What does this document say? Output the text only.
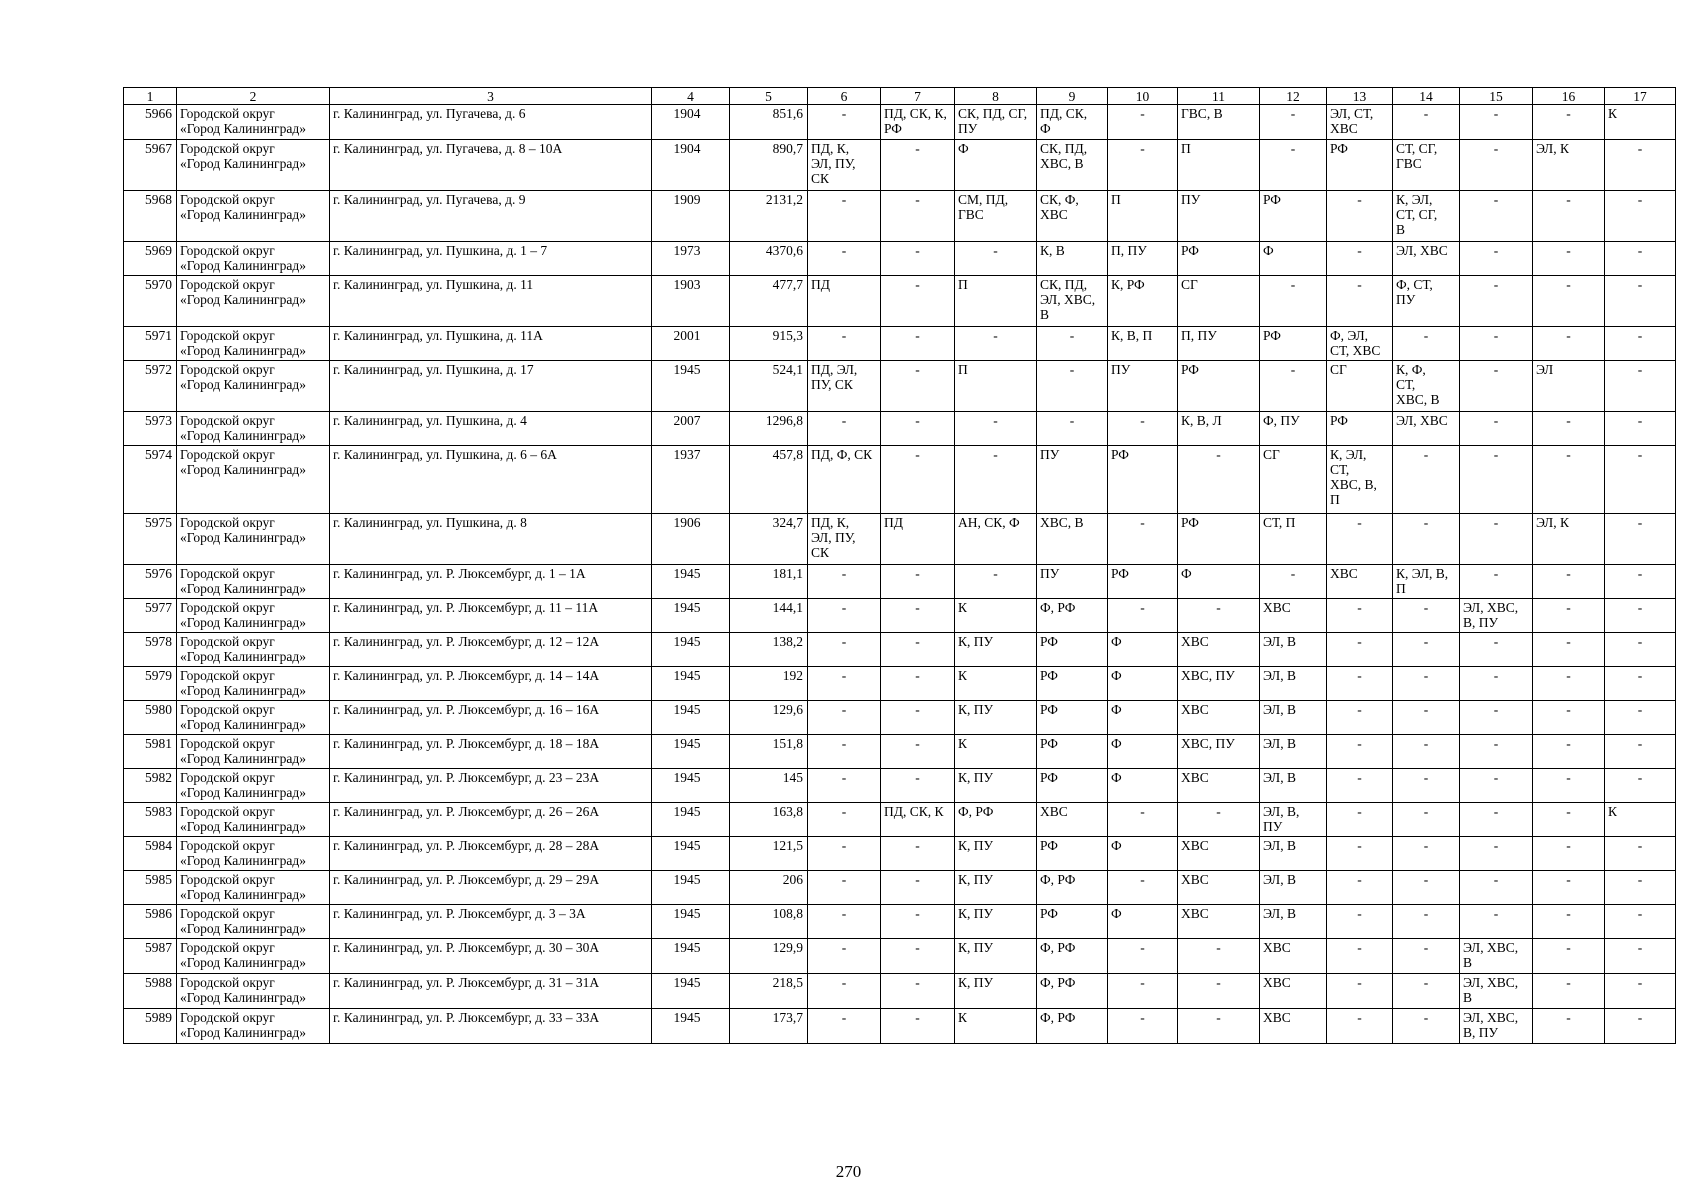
1	2	3	4	5	6	7	8	9	10	11	12	13	14	15	16	17
5966	Городской округ
«Город Калининград»	г. Калининград, ул. Пугачева, д. 6	1904	851,6	-	ПД, СК, К,
РФ	СК, ПД, СГ,
ПУ	ПД, СК,
Ф	-	ГВС, В	-	ЭЛ, СТ,
ХВС	-	-	-	К
5967	Городской округ
«Город Калининград»	г. Калининград, ул. Пугачева, д. 8 – 10А	1904	890,7	ПД, К,
ЭЛ, ПУ,
СК	-	Ф	СК, ПД,
ХВС, В	-	П	-	РФ	СТ, СГ,
ГВС	-	ЭЛ, К	-
5968	Городской округ
«Город Калининград»	г. Калининград, ул. Пугачева, д. 9	1909	2131,2	-	-	СМ, ПД,
ГВС	СК, Ф,
ХВС	П	ПУ	РФ	-	К, ЭЛ,
СТ, СГ,
В	-	-	-
5969	Городской округ
«Город Калининград»	г. Калининград, ул. Пушкина, д. 1 – 7	1973	4370,6	-	-	-	К, В	П, ПУ	РФ	Ф	-	ЭЛ, ХВС	-	-	-
5970	Городской округ
«Город Калининград»	г. Калининград, ул. Пушкина, д. 11	1903	477,7	ПД	-	П	СК, ПД,
ЭЛ, ХВС,
В	К, РФ	СГ	-	-	Ф, СТ,
ПУ	-	-	-
5971	Городской округ
«Город Калининград»	г. Калининград, ул. Пушкина, д. 11А	2001	915,3	-	-	-	-	К, В, П	П, ПУ	РФ	Ф, ЭЛ,
СТ, ХВС	-	-	-	-
5972	Городской округ
«Город Калининград»	г. Калининград, ул. Пушкина, д. 17	1945	524,1	ПД, ЭЛ,
ПУ, СК	-	П	-	ПУ	РФ	-	СГ	К, Ф,
СТ,
ХВС, В	-	ЭЛ	-
5973	Городской округ
«Город Калининград»	г. Калининград, ул. Пушкина, д. 4	2007	1296,8	-	-	-	-	-	К, В, Л	Ф, ПУ	РФ	ЭЛ, ХВС	-	-	-
5974	Городской округ
«Город Калининград»	г. Калининград, ул. Пушкина, д. 6 – 6А	1937	457,8	ПД, Ф, СК	-	-	ПУ	РФ	-	СГ	К, ЭЛ,
СТ,
ХВС, В,
П	-	-	-	-
5975	Городской округ
«Город Калининград»	г. Калининград, ул. Пушкина, д. 8	1906	324,7	ПД, К,
ЭЛ, ПУ,
СК	ПД	АН, СК, Ф	ХВС, В	-	РФ	СТ, П	-	-	-	ЭЛ, К	-
5976	Городской округ
«Город Калининград»	г. Калининград, ул. Р. Люксембург, д. 1 – 1А	1945	181,1	-	-	-	ПУ	РФ	Ф	-	ХВС	К, ЭЛ, В,
П	-	-	-
5977	Городской округ
«Город Калининград»	г. Калининград, ул. Р. Люксембург, д. 11 – 11А	1945	144,1	-	-	К	Ф, РФ	-	-	ХВС	-	-	ЭЛ, ХВС,
В, ПУ	-	-
5978	Городской округ
«Город Калининград»	г. Калининград, ул. Р. Люксембург, д. 12 – 12А	1945	138,2	-	-	К, ПУ	РФ	Ф	ХВС	ЭЛ, В	-	-	-	-	-
5979	Городской округ
«Город Калининград»	г. Калининград, ул. Р. Люксембург, д. 14 – 14А	1945	192	-	-	К	РФ	Ф	ХВС, ПУ	ЭЛ, В	-	-	-	-	-
5980	Городской округ
«Город Калининград»	г. Калининград, ул. Р. Люксембург, д. 16 – 16А	1945	129,6	-	-	К, ПУ	РФ	Ф	ХВС	ЭЛ, В	-	-	-	-	-
5981	Городской округ
«Город Калининград»	г. Калининград, ул. Р. Люксембург, д. 18 – 18А	1945	151,8	-	-	К	РФ	Ф	ХВС, ПУ	ЭЛ, В	-	-	-	-	-
5982	Городской округ
«Город Калининград»	г. Калининград, ул. Р. Люксембург, д. 23 – 23А	1945	145	-	-	К, ПУ	РФ	Ф	ХВС	ЭЛ, В	-	-	-	-	-
5983	Городской округ
«Город Калининград»	г. Калининград, ул. Р. Люксембург, д. 26 – 26А	1945	163,8	-	ПД, СК, К	Ф, РФ	ХВС	-	-	ЭЛ, В,
ПУ	-	-	-	-	К
5984	Городской округ
«Город Калининград»	г. Калининград, ул. Р. Люксембург, д. 28 – 28А	1945	121,5	-	-	К, ПУ	РФ	Ф	ХВС	ЭЛ, В	-	-	-	-	-
5985	Городской округ
«Город Калининград»	г. Калининград, ул. Р. Люксембург, д. 29 – 29А	1945	206	-	-	К, ПУ	Ф, РФ	-	ХВС	ЭЛ, В	-	-	-	-	-
5986	Городской округ
«Город Калининград»	г. Калининград, ул. Р. Люксембург, д. 3 – 3А	1945	108,8	-	-	К, ПУ	РФ	Ф	ХВС	ЭЛ, В	-	-	-	-	-
5987	Городской округ
«Город Калининград»	г. Калининград, ул. Р. Люксембург, д. 30 – 30А	1945	129,9	-	-	К, ПУ	Ф, РФ	-	-	ХВС	-	-	ЭЛ, ХВС,
В	-	-
5988	Городской округ
«Город Калининград»	г. Калининград, ул. Р. Люксембург, д. 31 – 31А	1945	218,5	-	-	К, ПУ	Ф, РФ	-	-	ХВС	-	-	ЭЛ, ХВС,
В	-	-
5989	Городской округ
«Город Калининград»	г. Калининград, ул. Р. Люксембург, д. 33 – 33А	1945	173,7	-	-	К	Ф, РФ	-	-	ХВС	-	-	ЭЛ, ХВС,
В, ПУ	-	-
270
